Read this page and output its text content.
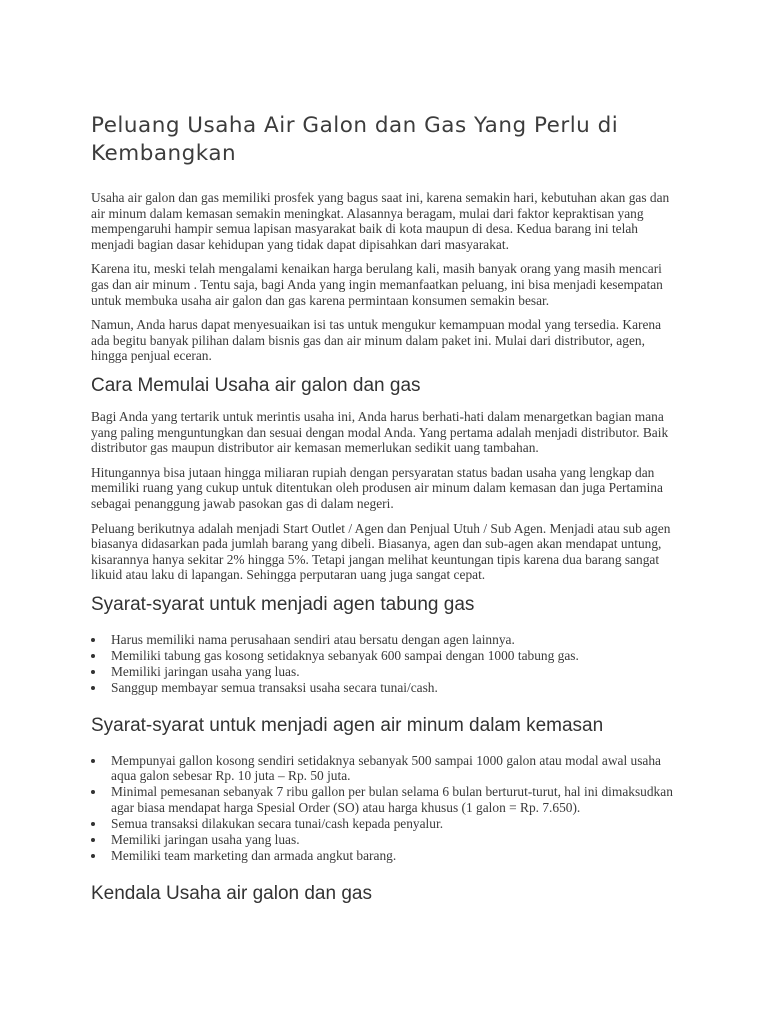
Peluang Usaha Air Galon dan Gas Yang Perlu di Kembangkan

Usaha air galon dan gas memiliki prosfek yang bagus saat ini, karena semakin hari, kebutuhan akan gas dan air minum dalam kemasan semakin meningkat. Alasannya beragam, mulai dari faktor kepraktisan yang mempengaruhi hampir semua lapisan masyarakat baik di kota maupun di desa. Kedua barang ini telah menjadi bagian dasar kehidupan yang tidak dapat dipisahkan dari masyarakat.

Karena itu, meski telah mengalami kenaikan harga berulang kali, masih banyak orang yang masih mencari gas dan air minum . Tentu saja, bagi Anda yang ingin memanfaatkan peluang, ini bisa menjadi kesempatan untuk membuka usaha air galon dan gas karena permintaan konsumen semakin besar.

Namun, Anda harus dapat menyesuaikan isi tas untuk mengukur kemampuan modal yang tersedia. Karena ada begitu banyak pilihan dalam bisnis gas dan air minum dalam paket ini. Mulai dari distributor, agen, hingga penjual eceran.

Cara Memulai Usaha air galon dan gas

Bagi Anda yang tertarik untuk merintis usaha ini, Anda harus berhati-hati dalam menargetkan bagian mana yang paling menguntungkan dan sesuai dengan modal Anda. Yang pertama adalah menjadi distributor. Baik distributor gas maupun distributor air kemasan memerlukan sedikit uang tambahan.

Hitungannya bisa jutaan hingga miliaran rupiah dengan persyaratan status badan usaha yang lengkap dan memiliki ruang yang cukup untuk ditentukan oleh produsen air minum dalam kemasan dan juga Pertamina sebagai penanggung jawab pasokan gas di dalam negeri.

Peluang berikutnya adalah menjadi Start Outlet / Agen dan Penjual Utuh / Sub Agen. Menjadi atau sub agen biasanya didasarkan pada jumlah barang yang dibeli. Biasanya, agen dan sub-agen akan mendapat untung, kisarannya hanya sekitar 2% hingga 5%. Tetapi jangan melihat keuntungan tipis karena dua barang sangat likuid atau laku di lapangan. Sehingga perputaran uang juga sangat cepat.

Syarat-syarat untuk menjadi agen tabung gas
Harus memiliki nama perusahaan sendiri atau bersatu dengan agen lainnya.
Memiliki tabung gas kosong setidaknya sebanyak 600 sampai dengan 1000 tabung gas.
Memiliki jaringan usaha yang luas.
Sanggup membayar semua transaksi usaha secara tunai/cash.
Syarat-syarat untuk menjadi agen air minum dalam kemasan
Mempunyai gallon kosong sendiri setidaknya sebanyak 500 sampai 1000 galon atau modal awal usaha aqua galon sebesar Rp. 10 juta – Rp. 50 juta.
Minimal pemesanan sebanyak 7 ribu gallon per bulan selama 6 bulan berturut-turut, hal ini dimaksudkan agar biasa mendapat harga Spesial Order (SO) atau harga khusus (1 galon = Rp. 7.650).
Semua transaksi dilakukan secara tunai/cash kepada penyalur.
Memiliki jaringan usaha yang luas.
Memiliki team marketing dan armada angkut barang.
Kendala Usaha air galon dan gas
